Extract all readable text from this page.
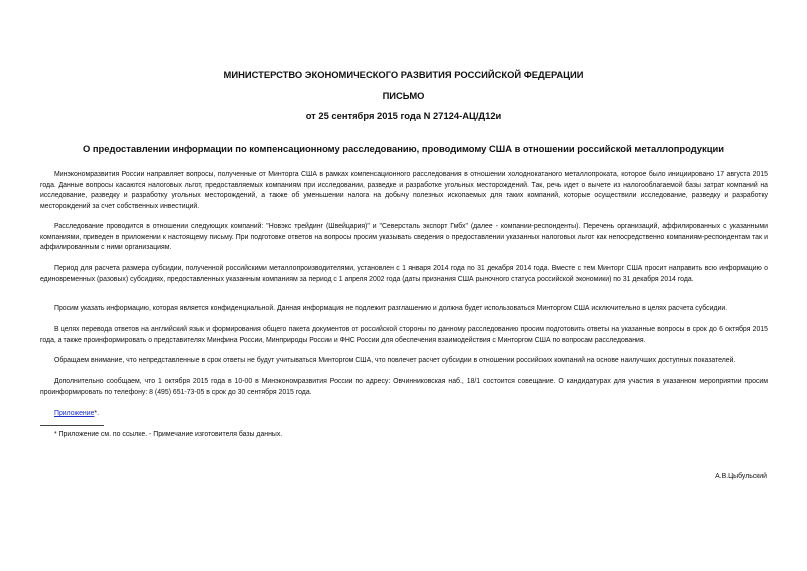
МИНИСТЕРСТВО ЭКОНОМИЧЕСКОГО РАЗВИТИЯ РОССИЙСКОЙ ФЕДЕРАЦИИ
ПИСЬМО
от 25 сентября 2015 года N 27124-АЦ/Д12и
О предоставлении информации по компенсационному расследованию, проводимому США в отношении российской металлопродукции
Минэкономразвития России направляет вопросы, полученные от Минторга США в рамках компенсационного расследования в отношении холоднокатаного металлопроката, которое было инициировано 17 августа 2015 года. Данные вопросы касаются налоговых льгот, предоставляемых компаниям при исследовании, разведке и разработке угольных месторождений. Так, речь идет о вычете из налогооблагаемой базы затрат компаний на исследование, разведку и разработку угольных месторождений, а также об уменьшении налога на добычу полезных ископаемых для таких компаний, которые осуществили исследование, разведку и разработку месторождений за счет собственных инвестиций.
Расследование проводится в отношении следующих компаний: "Новэкс трейдинг (Швейцария)" и "Северсталь экспорт Гмбх" (далее - компании-респонденты). Перечень организаций, аффилированных с указанными компаниями, приведен в приложении к настоящему письму. При подготовке ответов на вопросы просим указывать сведения о предоставлении указанных налоговых льгот как непосредственно компаниям-респондентам так и аффилированным с ними организациям.
Период для расчета размера субсидии, полученной российскими металлопроизводителями, установлен с 1 января 2014 года по 31 декабря 2014 года. Вместе с тем Минторг США просит направить всю информацию о единовременных (разовых) субсидиях, предоставленных указанным компаниям за период с 1 апреля 2002 года (даты признания США рыночного статуса российской экономики) по 31 декабря 2014 года.
Просим указать информацию, которая является конфиденциальной. Данная информация не подлежит разглашению и должна будет использоваться Минторгом США исключительно в целях расчета субсидии.
В целях перевода ответов на английский язык и формирования общего пакета документов от российской стороны по данному расследованию просим подготовить ответы на указанные вопросы в срок до 6 октября 2015 года, а также проинформировать о представителях Минфина России, Минприроды России и ФНС России для обеспечения взаимодействия с Минторгом США по вопросам расследования.
Обращаем внимание, что непредставленные в срок ответы не будут учитываться Минторгом США, что повлечет расчет субсидии в отношении российских компаний на основе наилучших доступных показателей.
Дополнительно сообщаем, что 1 октября 2015 года в 10-00 в Минэкономразвития России по адресу: Овчинниковская наб., 18/1 состоится совещание. О кандидатурах для участия в указанном мероприятии просим проинформировать по телефону: 8 (495) 651-73-05 в срок до 30 сентября 2015 года.
Приложение*.
* Приложение см. по ссылке. - Примечание изготовителя базы данных.
А.В.Цыбульский
